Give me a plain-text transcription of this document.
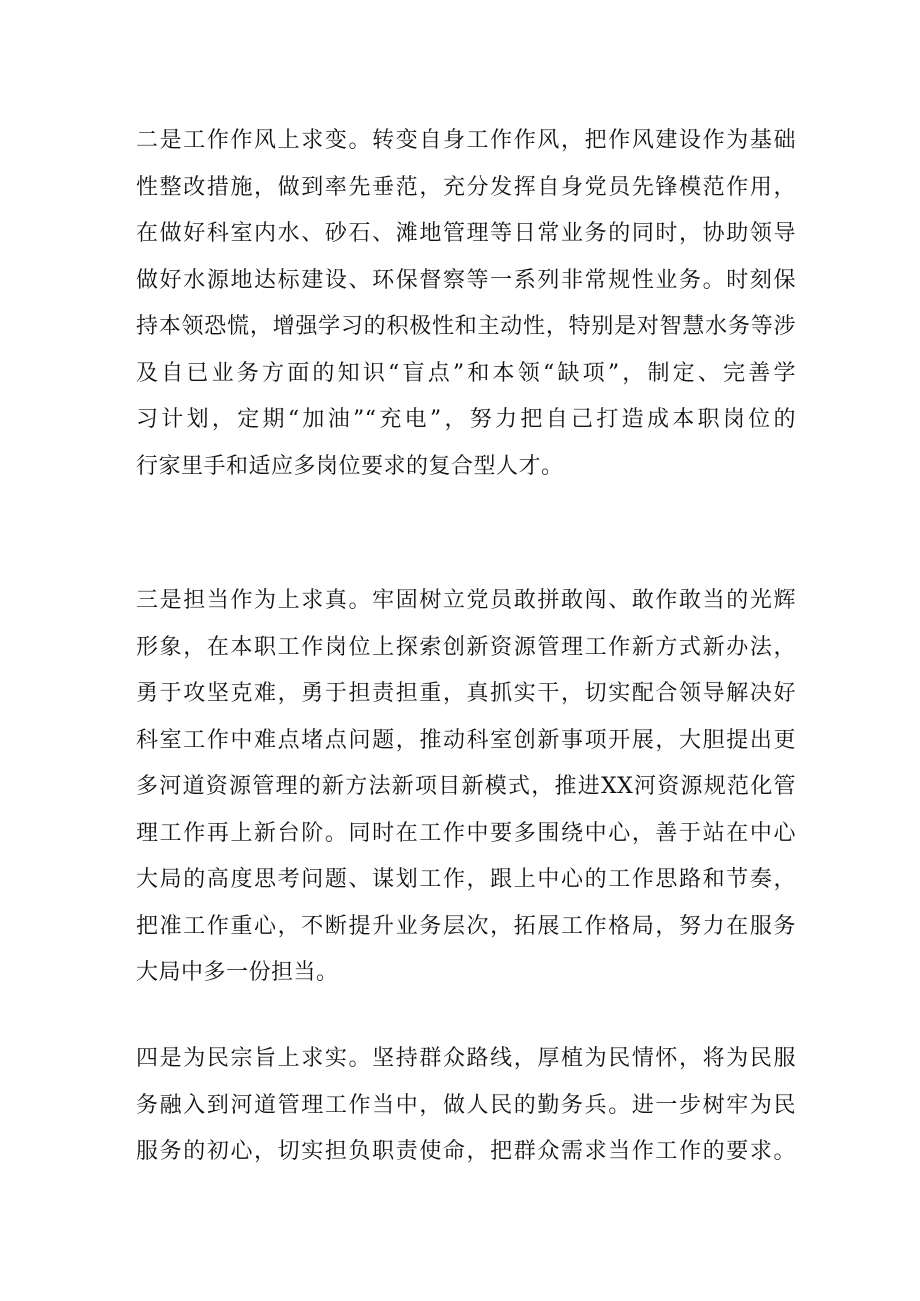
二是工作作风上求变。转变自身工作作风，把作风建设作为基础
性整改措施，做到率先垂范，充分发挥自身党员先锋模范作用，
在做好科室内水、砂石、滩地管理等日常业务的同时，协助领导
做好水源地达标建设、环保督察等一系列非常规性业务。时刻保
持本领恐慌，增强学习的积极性和主动性，特别是对智慧水务等涉
及自已业务方面的知识“盲点”和本领“缺项”，制定、完善学
习计划，定期“加油”“充电”，努力把自己打造成本职岗位的
行家里手和适应多岗位要求的复合型人才。
三是担当作为上求真。牢固树立党员敢拼敢闯、敢作敢当的光辉
形象，在本职工作岗位上探索创新资源管理工作新方式新办法，
勇于攻坚克难，勇于担责担重，真抓实干，切实配合领导解决好
科室工作中难点堵点问题，推动科室创新事项开展，大胆提出更
多河道资源管理的新方法新项目新模式，推进XX河资源规范化管
理工作再上新台阶。同时在工作中要多围绕中心，善于站在中心
大局的高度思考问题、谋划工作，跟上中心的工作思路和节奏，
把准工作重心，不断提升业务层次，拓展工作格局，努力在服务
大局中多一份担当。
四是为民宗旨上求实。坚持群众路线，厚植为民情怀，将为民服
务融入到河道管理工作当中，做人民的勤务兵。进一步树牢为民
服务的初心，切实担负职责使命，把群众需求当作工作的要求。
